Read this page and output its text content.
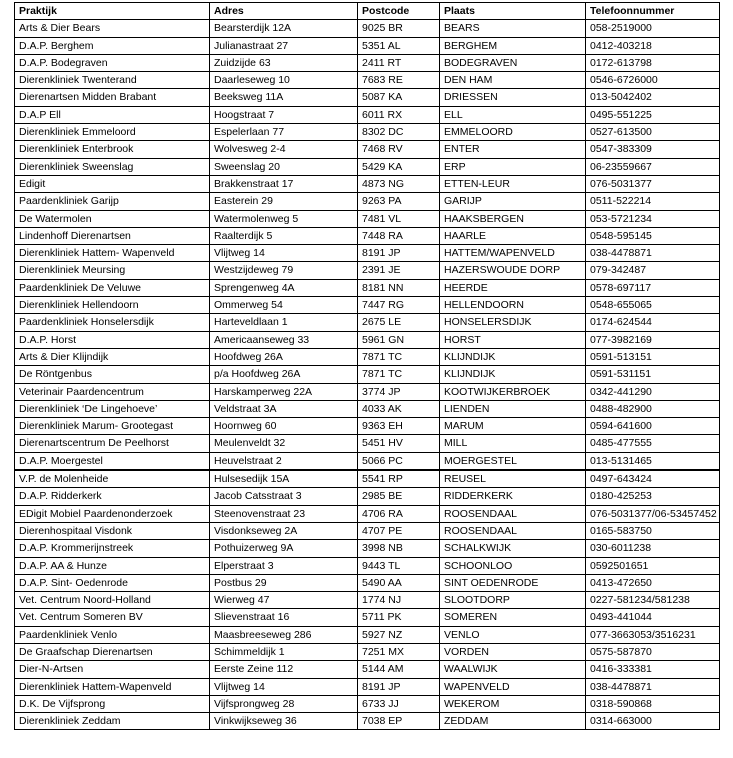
Praktijk	Adres	Postcode	Plaats	Telefoonnummer
Arts & Dier Bears	Bearsterdijk 12A	9025 BR	BEARS	058-2519000
D.A.P. Berghem	Julianastraat 27	5351 AL	BERGHEM	0412-403218
D.A.P. Bodegraven	Zuidzijde 63	2411 RT	BODEGRAVEN	0172-613798
Dierenkliniek Twenterand	Daarleseweg 10	7683 RE	DEN HAM	0546-6726000
Dierenartsen Midden Brabant	Beeksweg 11A	5087 KA	DRIESSEN	013-5042402
D.A.P Ell	Hoogstraat 7	6011 RX	ELL	0495-551225
Dierenkliniek Emmeloord	Espelerlaan 77	8302 DC	EMMELOORD	0527-613500
Dierenkliniek Enterbrook	Wolvesweg 2-4	7468 RV	ENTER	0547-383309
Dierenkliniek Sweenslag	Sweenslag 20	5429 KA	ERP	06-23559667
Edigit	Brakkenstraat 17	4873 NG	ETTEN-LEUR	076-5031377
Paardenkliniek Garijp	Easterein 29	9263 PA	GARIJP	0511-522214
De Watermolen	Watermolenweg 5	7481 VL	HAAKSBERGEN	053-5721234
Lindenhoff Dierenartsen	Raalterdijk 5	7448 RA	HAARLE	0548-595145
Dierenkliniek Hattem- Wapenveld	Vlijtweg 14	8191 JP	HATTEM/WAPENVELD	038-4478871
Dierenkliniek Meursing	Westzijdeweg 79	2391 JE	HAZERSWOUDE DORP	079-342487
Paardenkliniek De Veluwe	Sprengenweg 4A	8181 NN	HEERDE	0578-697117
Dierenkliniek Hellendoorn	Ommerweg 54	7447 RG	HELLENDOORN	0548-655065
Paardenkliniek Honselersdijk	Harteveldlaan 1	2675 LE	HONSELERSDIJK	0174-624544
D.A.P. Horst	Americaanseweg 33	5961 GN	HORST	077-3982169
Arts & Dier Klijndijk	Hoofdweg 26A	7871 TC	KLIJNDIJK	0591-513151
De Röntgenbus	p/a Hoofdweg 26A	7871 TC	KLIJNDIJK	0591-531151
Veterinair Paardencentrum	Harskamperweg 22A	3774 JP	KOOTWIJKERBROEK	0342-441290
Dierenkliniek ‘De Lingehoeve’	Veldstraat 3A	4033 AK	LIENDEN	0488-482900
Dierenkliniek Marum- Grootegast	Hoornweg 60	9363 EH	MARUM	0594-641600
Dierenartscentrum De Peelhorst	Meulenveldt 32	5451 HV	MILL	0485-477555
D.A.P. Moergestel	Heuvelstraat 2	5066 PC	MOERGESTEL	013-5131465
V.P. de Molenheide	Hulsesedijk 15A	5541 RP	REUSEL	0497-643424
D.A.P. Ridderkerk	Jacob Catsstraat 3	2985 BE	RIDDERKERK	0180-425253
EDigit Mobiel Paardenonderzoek	Steenovenstraat 23	4706 RA	ROOSENDAAL	076-5031377/06-53457452
Dierenhospitaal Visdonk	Visdonkseweg 2A	4707 PE	ROOSENDAAL	0165-583750
D.A.P. Krommerijnstreek	Pothuizerweg 9A	3998 NB	SCHALKWIJK	030-6011238
D.A.P. AA & Hunze	Elperstraat 3	9443 TL	SCHOONLOO	0592501651
D.A.P. Sint- Oedenrode	Postbus 29	5490 AA	SINT OEDENRODE	0413-472650
Vet. Centrum Noord-Holland	Wierweg 47	1774 NJ	SLOOTDORP	0227-581234/581238
Vet. Centrum Someren BV	Slievenstraat 16	5711 PK	SOMEREN	0493-441044
Paardenkliniek Venlo	Maasbreeseweg 286	5927 NZ	VENLO	077-3663053/3516231
De Graafschap Dierenartsen	Schimmeldijk 1	7251 MX	VORDEN	0575-587870
Dier-N-Artsen	Eerste Zeine 112	5144 AM	WAALWIJK	0416-333381
Dierenkliniek Hattem-Wapenveld	Vlijtweg 14	8191 JP	WAPENVELD	038-4478871
D.K. De Vijfsprong	Vijfsprongweg 28	6733 JJ	WEKEROM	0318-590868
Dierenkliniek Zeddam	Vinkwijkseweg 36	7038 EP	ZEDDAM	0314-663000
